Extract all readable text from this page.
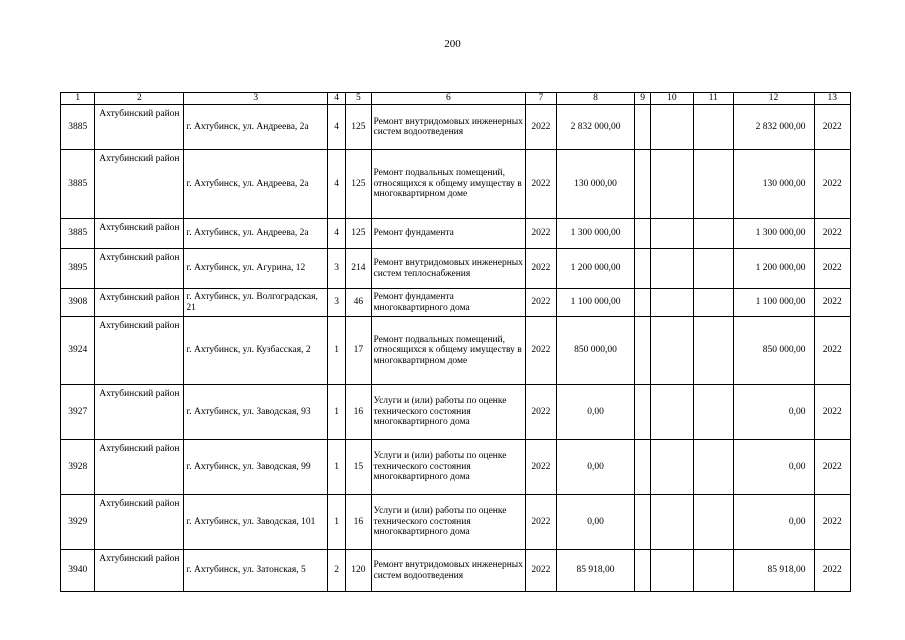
200
1	2	3	4	5	6	7	8	9	10	11	12	13
3885	Ахтубинский район	г. Ахтубинск, ул. Андреева, 2а	4	125	Ремонт внутридомовых инженерных систем водоотведения	2022	2 832 000,00				2 832 000,00	2022
3885	Ахтубинский район	г. Ахтубинск, ул. Андреева, 2а	4	125	Ремонт подвальных помещений, относящихся к общему имуществу в многоквартирном доме	2022	130 000,00				130 000,00	2022
3885	Ахтубинский район	г. Ахтубинск, ул. Андреева, 2а	4	125	Ремонт фундамента	2022	1 300 000,00				1 300 000,00	2022
3895	Ахтубинский район	г. Ахтубинск, ул. Агурина, 12	3	214	Ремонт внутридомовых инженерных систем теплоснабжения	2022	1 200 000,00				1 200 000,00	2022
3908	Ахтубинский район	г. Ахтубинск, ул. Волгоградская, 21	3	46	Ремонт фундамента многоквартирного дома	2022	1 100 000,00				1 100 000,00	2022
3924	Ахтубинский район	г. Ахтубинск, ул. Кузбасская, 2	1	17	Ремонт подвальных помещений, относящихся к общему имуществу в многоквартирном доме	2022	850 000,00				850 000,00	2022
3927	Ахтубинский район	г. Ахтубинск, ул. Заводская, 93	1	16	Услуги и (или) работы по оценке технического состояния многоквартирного дома	2022	0,00				0,00	2022
3928	Ахтубинский район	г. Ахтубинск, ул. Заводская, 99	1	15	Услуги и (или) работы по оценке технического состояния многоквартирного дома	2022	0,00				0,00	2022
3929	Ахтубинский район	г. Ахтубинск, ул. Заводская, 101	1	16	Услуги и (или) работы по оценке технического состояния многоквартирного дома	2022	0,00				0,00	2022
3940	Ахтубинский район	г. Ахтубинск, ул. Затонская, 5	2	120	Ремонт внутридомовых инженерных систем водоотведения	2022	85 918,00				85 918,00	2022
